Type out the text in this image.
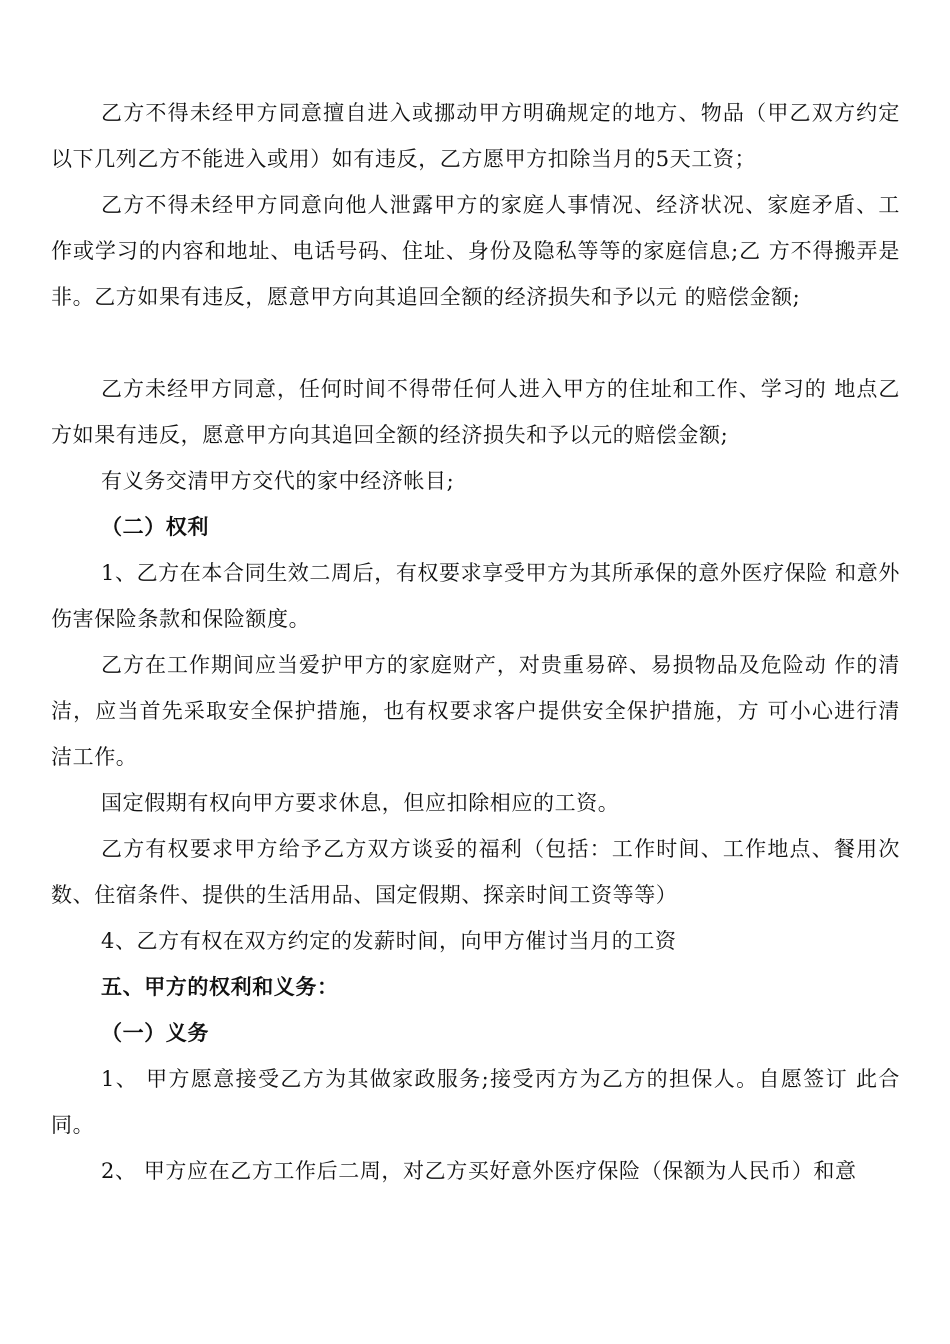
乙方不得未经甲方同意擅自进入或挪动甲方明确规定的地方、物品（甲乙双方约定以下几列乙方不能进入或用）如有违反，乙方愿甲方扣除当月的5天工资；

乙方不得未经甲方同意向他人泄露甲方的家庭人事情况、经济状况、家庭矛盾、工作或学习的内容和地址、电话号码、住址、身份及隐私等等的家庭信息;乙 方不得搬弄是非。乙方如果有违反，愿意甲方向其追回全额的经济损失和予以元 的赔偿金额;

乙方未经甲方同意，任何时间不得带任何人进入甲方的住址和工作、学习的 地点乙方如果有违反，愿意甲方向其追回全额的经济损失和予以元的赔偿金额;

有义务交清甲方交代的家中经济帐目;

（二）权利

1、乙方在本合同生效二周后，有权要求享受甲方为其所承保的意外医疗保险 和意外伤害保险条款和保险额度。

乙方在工作期间应当爱护甲方的家庭财产，对贵重易碎、易损物品及危险动 作的清洁，应当首先采取安全保护措施，也有权要求客户提供安全保护措施，方 可小心进行清洁工作。

国定假期有权向甲方要求休息，但应扣除相应的工资。

乙方有权要求甲方给予乙方双方谈妥的福利（包括：工作时间、工作地点、餐用次数、住宿条件、提供的生活用品、国定假期、探亲时间工资等等）

4、乙方有权在双方约定的发薪时间，向甲方催讨当月的工资

五、甲方的权利和义务：

（一）义务

1、 甲方愿意接受乙方为其做家政服务;接受丙方为乙方的担保人。自愿签订 此合同。

2、 甲方应在乙方工作后二周，对乙方买好意外医疗保险（保额为人民币）和意
